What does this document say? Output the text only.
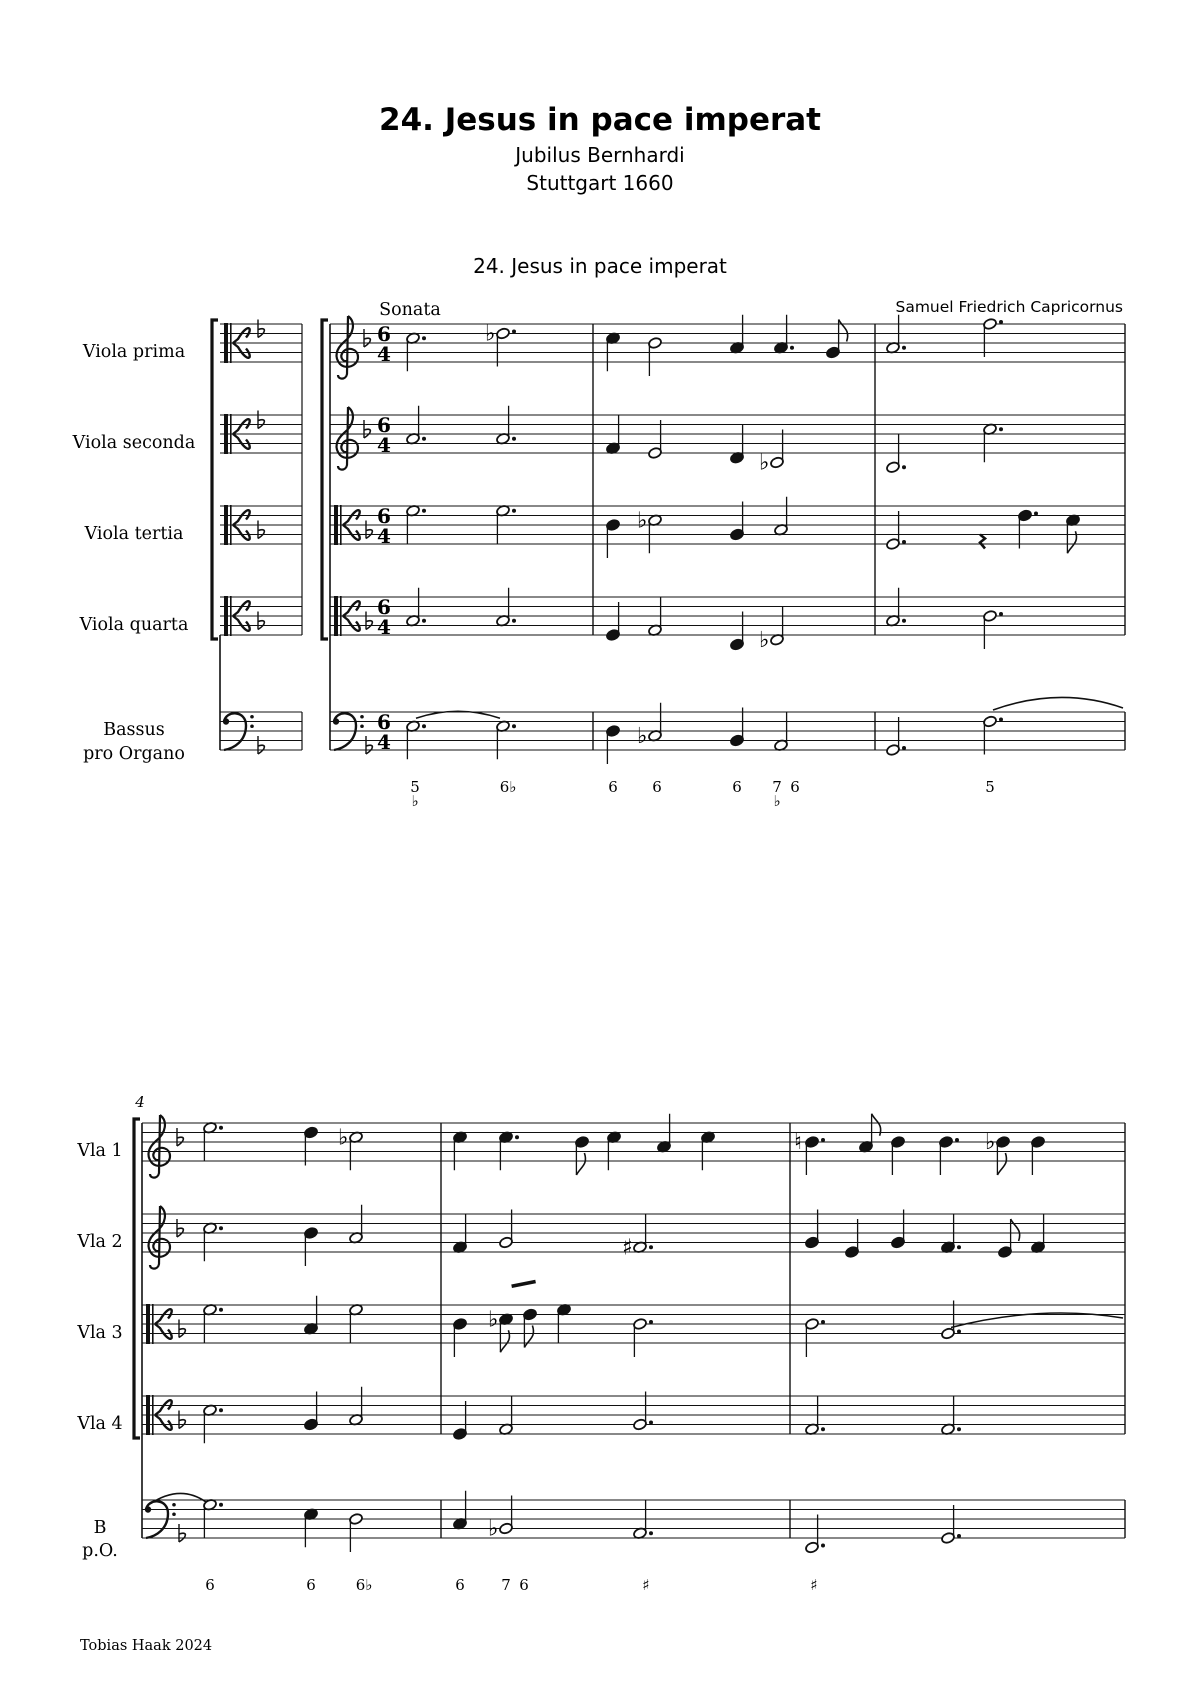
24. Jesus in pace imperat
Jubilus Bernhardi
Stuttgart 1660
24. Jesus in pace imperat
Samuel Friedrich Capricornus
Sonata
Viola prima
Viola seconda
Viola tertia
Viola quarta
Bassus
pro Organo
Vla 1
Vla 2
Vla 3
Vla 4
B
p.O.
4
Tobias Haak 2024
6
4
6
4
6
4
6
4
6
4
♭
♭
♭
♭
♭
5
♭
6♭	6 6	6 7
♭
6	5
♭	♮	♭
♯
♭
♭
6	6	6♭	6 7 6	♯	♯
